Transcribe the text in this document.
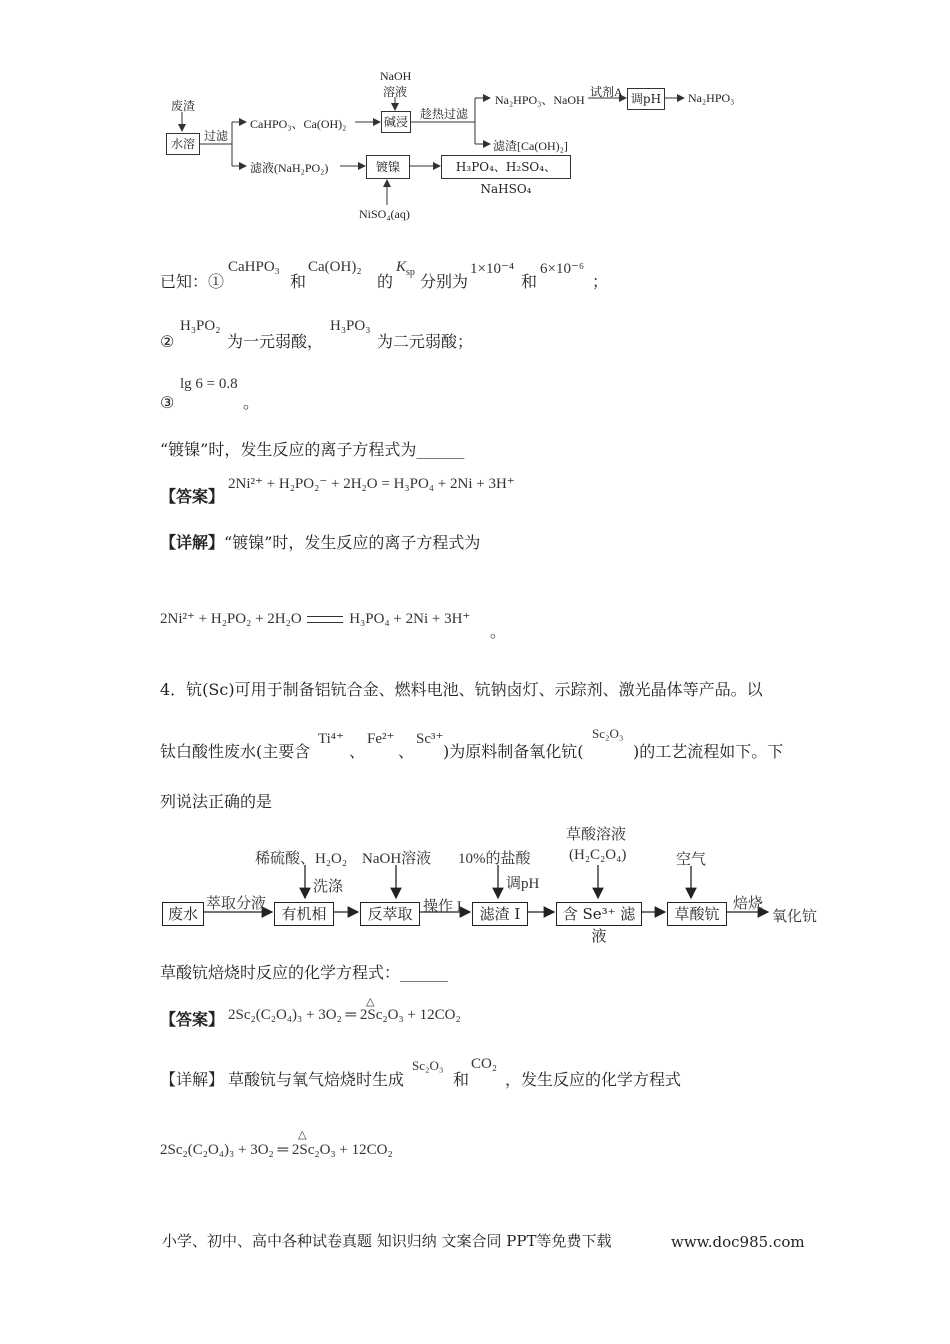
废渣
水溶
过滤
CaHPO₃、Ca(OH)₂
NaOH
溶液
碱浸
趁热过滤
Na₂HPO₃、NaOH
试剂A 调pH	Na₂HPO₃
滤渣[Ca(OH)₂]
滤液(NaH₂PO₂)	镀镍	H₃PO₄、H₂SO₄、NaHSO₄
NiSO₄(aq)
已知：①
CaHPO₃
和
Ca(OH)₂
的
$K_{sp}$ 分别为
1×10⁻⁴
和
6×10⁻⁶
；
②
H₃PO₂
为一元弱酸，
H₃PO₃
为二元弱酸；
③
lg 6 = 0.8
。
“镀镍”时，发生反应的离子方程式为______
【答案】
2Ni²⁺ + H₂PO₂⁻ + 2H₂O = H₃PO₄ + 2Ni + 3H⁺
【详解】“镀镍”时，发生反应的离子方程式为
2Ni²⁺ + H₂PO₂ + 2H₂O	H₃PO₄ + 2Ni + 3H⁺
。
4．钪(Sc)可用于制备铝钪合金、燃料电池、钪钠卤灯、示踪剂、激光晶体等产品。以
钛白酸性废水(主要含
Ti⁴⁺
、
Fe²⁺
、
Sc³⁺
)为原料制备氧化钪(
Sc₂O₃
)的工艺流程如下。下
列说法正确的是
废水
萃取分液
有机相
稀硫酸、H₂O₂
洗涤
NaOH溶液
反萃取 操作 I
10%的盐酸
调pH
滤渣 I
草酸溶液
(H₂C₂O₄)
含 Se³⁺ 滤液
空气
草酸钪
焙烧
氧化钪
草酸钪焙烧时反应的化学方程式：______
【答案】
△
2Sc₂(C₂O₄)₃ + 3O₂ ═ 2Sc₂O₃ + 12CO₂
【详解】 草酸钪与氧气焙烧时生成
Sc₂O₃
和
CO₂
，发生反应的化学方程式
△
2Sc₂(C₂O₄)₃ + 3O₂ ═ 2Sc₂O₃ + 12CO₂
小学、初中、高中各种试卷真题 知识归纳 文案合同 PPT等免费下载	www.doc985.com
